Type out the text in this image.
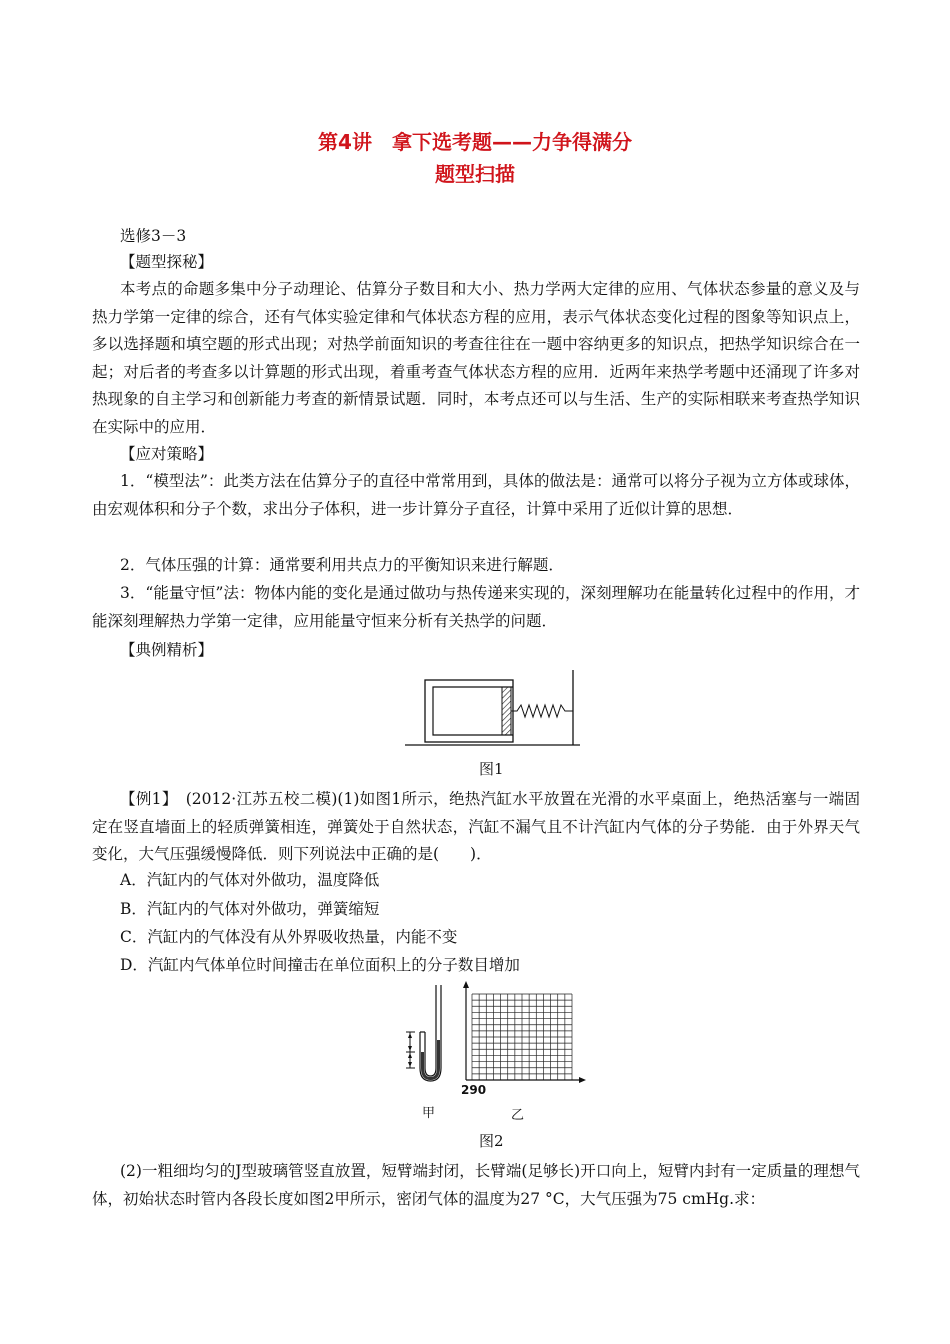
第4讲　拿下选考题——力争得满分
题型扫描
选修3－3
【题型探秘】
本考点的命题多集中分子动理论、估算分子数目和大小、热力学两大定律的应用、气体状态参量的意义及与热力学第一定律的综合，还有气体实验定律和气体状态方程的应用，表示气体状态变化过程的图象等知识点上，多以选择题和填空题的形式出现；对热学前面知识的考查往往在一题中容纳更多的知识点，把热学知识综合在一起；对后者的考查多以计算题的形式出现，着重考查气体状态方程的应用．近两年来热学考题中还涌现了许多对热现象的自主学习和创新能力考查的新情景试题．同时，本考点还可以与生活、生产的实际相联来考查热学知识在实际中的应用．
【应对策略】
1．“模型法”：此类方法在估算分子的直径中常常用到，具体的做法是：通常可以将分子视为立方体或球体，由宏观体积和分子个数，求出分子体积，进一步计算分子直径，计算中采用了近似计算的思想．
2．气体压强的计算：通常要利用共点力的平衡知识来进行解题．
3．“能量守恒”法：物体内能的变化是通过做功与热传递来实现的，深刻理解功在能量转化过程中的作用，才能深刻理解热力学第一定律，应用能量守恒来分析有关热学的问题．
【典例精析】
图1
【例1】　(2012·江苏五校二模)(1)如图1所示，绝热汽缸水平放置在光滑的水平桌面上，绝热活塞与一端固定在竖直墙面上的轻质弹簧相连，弹簧处于自然状态，汽缸不漏气且不计汽缸内气体的分子势能．由于外界天气变化，大气压强缓慢降低．则下列说法中正确的是(　　)．
A．汽缸内的气体对外做功，温度降低
B．汽缸内的气体对外做功，弹簧缩短
C．汽缸内的气体没有从外界吸收热量，内能不变
D．汽缸内气体单位时间撞击在单位面积上的分子数目增加
甲
290
乙
图2
(2)一粗细均匀的J型玻璃管竖直放置，短臂端封闭，长臂端(足够长)开口向上，短臂内封有一定质量的理想气体，初始状态时管内各段长度如图2甲所示，密闭气体的温度为27 °C，大气压强为75 cmHg.求：
